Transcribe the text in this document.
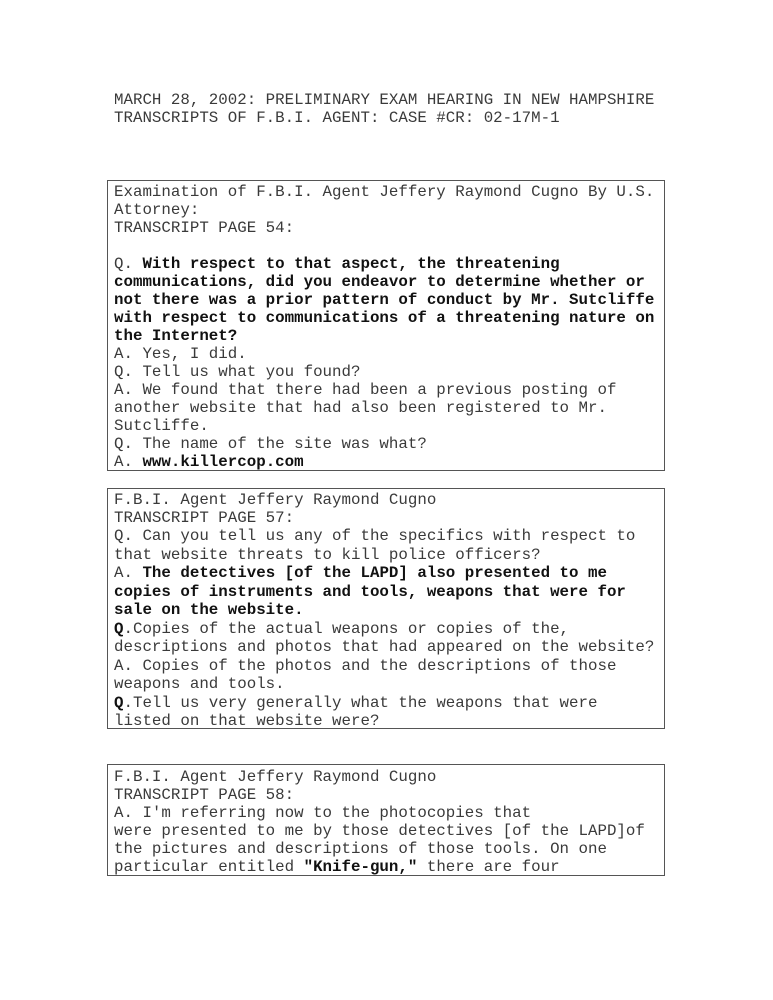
MARCH 28, 2002: PRELIMINARY EXAM HEARING IN NEW HAMPSHIRE
TRANSCRIPTS OF F.B.I. AGENT: CASE #CR: 02-17M-1
Examination of F.B.I. Agent Jeffery Raymond Cugno By U.S.
Attorney:
TRANSCRIPT PAGE 54:

Q. With respect to that aspect, the threatening
communications, did you endeavor to determine whether or
not there was a prior pattern of conduct by Mr. Sutcliffe
with respect to communications of a threatening nature on
the Internet?
A. Yes, I did.
Q. Tell us what you found?
A. We found that there had been a previous posting of
another website that had also been registered to Mr.
Sutcliffe.
Q. The name of the site was what?
A. www.killercop.com
F.B.I. Agent Jeffery Raymond Cugno
TRANSCRIPT PAGE 57:
Q. Can you tell us any of the specifics with respect to
that website threats to kill police officers?
A. The detectives [of the LAPD] also presented to me
copies of instruments and tools, weapons that were for
sale on the website.
Q.Copies of the actual weapons or copies of the,
descriptions and photos that had appeared on the website?
A. Copies of the photos and the descriptions of those
weapons and tools.
Q.Tell us very generally what the weapons that were
listed on that website were?
F.B.I. Agent Jeffery Raymond Cugno
TRANSCRIPT PAGE 58:
A. I'm referring now to the photocopies that
were presented to me by those detectives [of the LAPD]of
the pictures and descriptions of those tools. On one
particular entitled "Knife-gun," there are four
